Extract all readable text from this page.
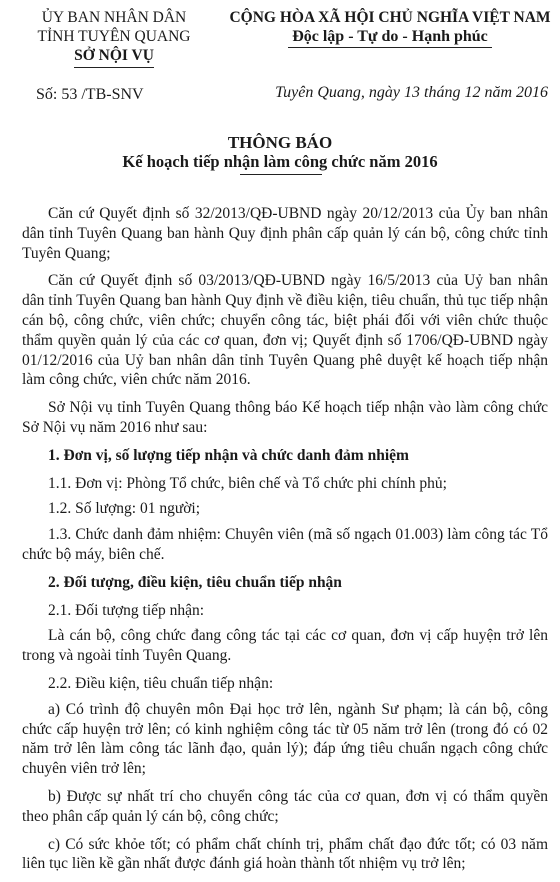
ỦY BAN NHÂN DÂN
TỈNH TUYÊN QUANG
SỞ NỘI VỤ
CỘNG HÒA XÃ HỘI CHỦ NGHĨA VIỆT NAM
Độc lập - Tự do - Hạnh phúc
Số: 53 /TB-SNV	Tuyên Quang, ngày 13 tháng 12 năm 2016
THÔNG BÁO
Kế hoạch tiếp nhận làm công chức năm 2016

Căn cứ Quyết định số 32/2013/QĐ-UBND ngày 20/12/2013 của Ủy ban nhân dân tỉnh Tuyên Quang ban hành Quy định phân cấp quản lý cán bộ, công chức tỉnh Tuyên Quang;

Căn cứ Quyết định số 03/2013/QĐ-UBND ngày 16/5/2013 của Uỷ ban nhân dân tỉnh Tuyên Quang ban hành Quy định về điều kiện, tiêu chuẩn, thủ tục tiếp nhận cán bộ, công chức, viên chức; chuyển công tác, biệt phái đối với viên chức thuộc thẩm quyền quản lý của các cơ quan, đơn vị; Quyết định số 1706/QĐ-UBND ngày 01/12/2016 của Uỷ ban nhân dân tỉnh Tuyên Quang phê duyệt kế hoạch tiếp nhận làm công chức, viên chức năm 2016.

Sở Nội vụ tỉnh Tuyên Quang thông báo Kế hoạch tiếp nhận vào làm công chức Sở Nội vụ năm 2016 như sau:

1. Đơn vị, số lượng tiếp nhận và chức danh đảm nhiệm

1.1. Đơn vị: Phòng Tổ chức, biên chế và Tổ chức phi chính phủ;

1.2. Số lượng: 01 người;

1.3. Chức danh đảm nhiệm: Chuyên viên (mã số ngạch 01.003) làm công tác Tổ chức bộ máy, biên chế.

2. Đối tượng, điều kiện, tiêu chuẩn tiếp nhận

2.1. Đối tượng tiếp nhận:

Là cán bộ, công chức đang công tác tại các cơ quan, đơn vị cấp huyện trở lên trong và ngoài tỉnh Tuyên Quang.

2.2. Điều kiện, tiêu chuẩn tiếp nhận:

a) Có trình độ chuyên môn Đại học trở lên, ngành Sư phạm; là cán bộ, công chức cấp huyện trở lên; có kinh nghiệm công tác từ 05 năm trở lên (trong đó có 02 năm trở lên làm công tác lãnh đạo, quản lý); đáp ứng tiêu chuẩn ngạch công chức chuyên viên trở lên;

b) Được sự nhất trí cho chuyển công tác của cơ quan, đơn vị có thẩm quyền theo phân cấp quản lý cán bộ, công chức;

c) Có sức khỏe tốt; có phẩm chất chính trị, phẩm chất đạo đức tốt; có 03 năm liên tục liền kề gần nhất được đánh giá hoàn thành tốt nhiệm vụ trở lên;
